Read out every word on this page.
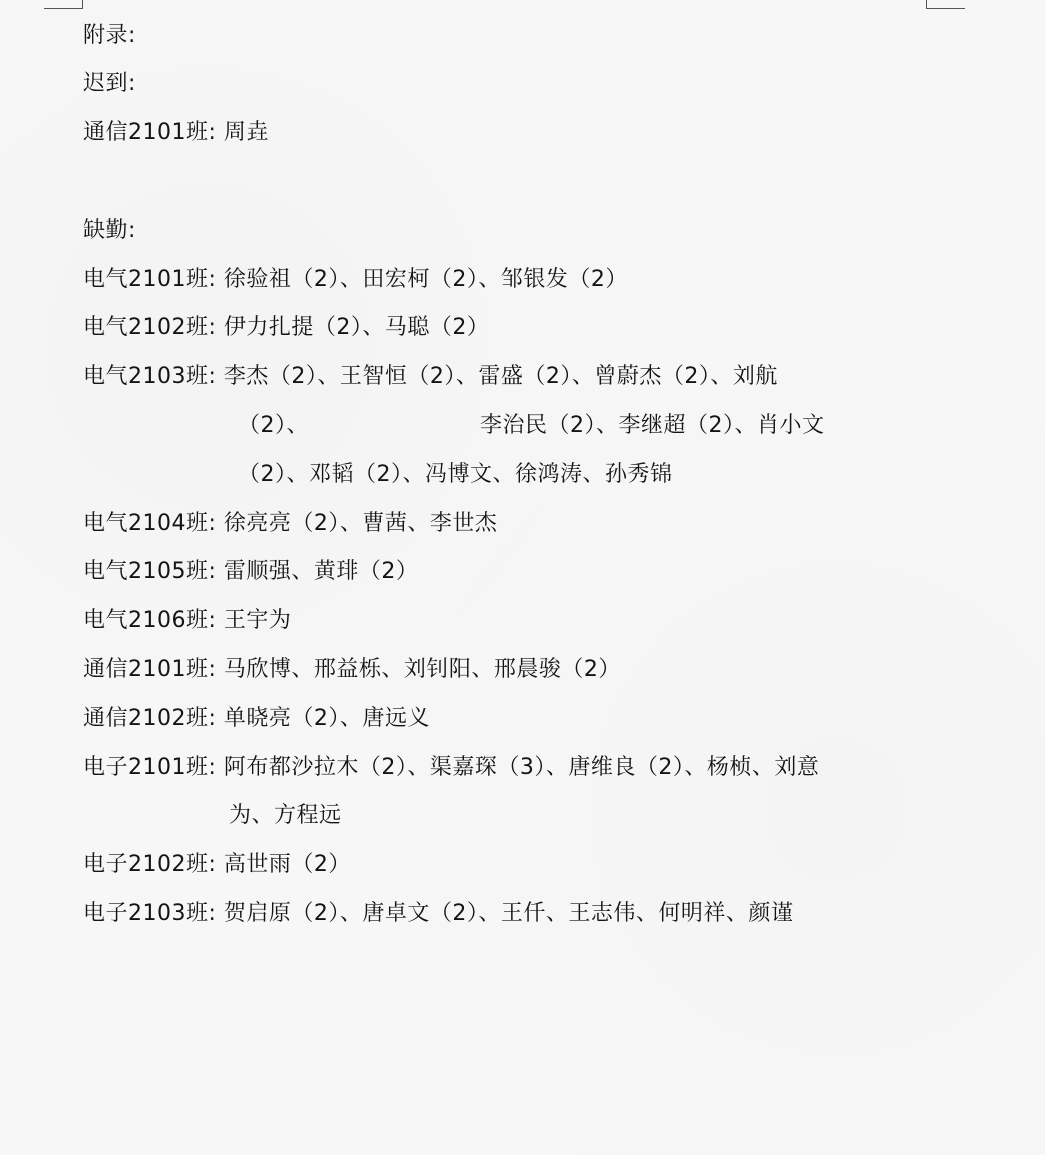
附录:
迟到:
通信2101班: 周垚
缺勤:
电气2101班: 徐验祖（2）、田宏柯（2）、邹银发（2）
电气2102班: 伊力扎提（2）、马聪（2）
电气2103班: 李杰（2）、王智恒（2）、雷盛（2）、曾蔚杰（2）、刘航
（2）、	李治民（2）、李继超（2）、肖小文
（2）、邓韬（2）、冯博文、徐鸿涛、孙秀锦
电气2104班: 徐亮亮（2）、曹茜、李世杰
电气2105班: 雷顺强、黄琲（2）
电气2106班: 王宇为
通信2101班: 马欣博、邢益栎、刘钊阳、邢晨骏（2）
通信2102班: 单晓亮（2）、唐远义
电子2101班: 阿布都沙拉木（2）、渠嘉琛（3）、唐维良（2）、杨桢、刘意
为、方程远
电子2102班: 高世雨（2）
电子2103班: 贺启原（2）、唐卓文（2）、王仟、王志伟、何明祥、颜谨
